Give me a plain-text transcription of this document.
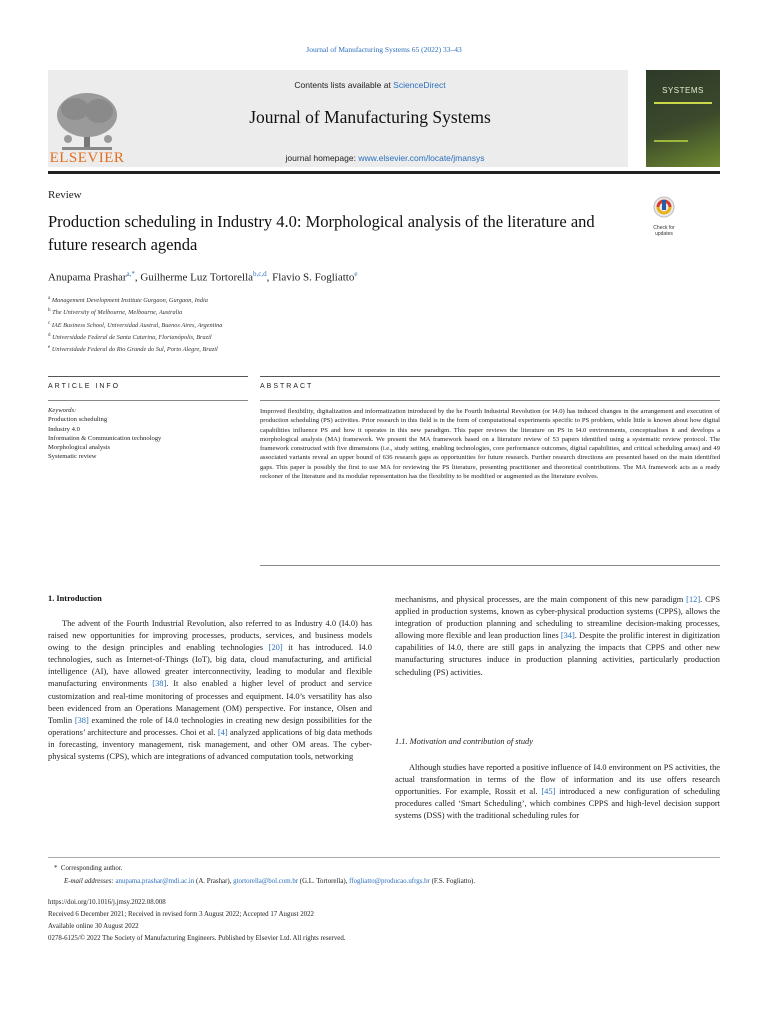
Journal of Manufacturing Systems 65 (2022) 33–43
ELSEVIER
Contents lists available at ScienceDirect
Journal of Manufacturing Systems
journal homepage: www.elsevier.com/locate/jmansys

SYSTEMS
Review
Production scheduling in Industry 4.0: Morphological analysis of the literature and future research agenda
Check for updates
Anupama Prashar$^{a,*}$, Guilherme Luz Tortorella$^{b,c,d}$, Flavio S. Fogliatto$^e$
$^a$ Management Development Institute Gurgaon, Gurgaon, India
$^b$ The University of Melbourne, Melbourne, Australia
$^c$ IAE Business School, Universidad Austral, Buenos Aires, Argentina
$^d$ Universidade Federal de Santa Catarina, Florianópolis, Brazil
$^e$ Universidade Federal do Rio Grande do Sul, Porto Alegre, Brazil
ARTICLE INFO	ABSTRACT
Keywords:
Production scheduling
Industry 4.0
Information & Communication technology
Morphological analysis
Systematic review
Improved flexibility, digitalization and informatization introduced by the he Fourth Industrial Revolution (or I4.0) has induced changes in the arrangement and execution of production scheduling (PS) activities. Prior research in this field is in the form of computational experiments specific to PS problem, while little is known about how digital capabilities influence PS and how it operates in this new paradigm. This paper reviews the literature on PS in I4.0 environments, conceptualises it and develops a morphological analysis (MA) framework. We present the MA framework based on a literature review of 53 papers identified using a systematic review protocol. The framework constructed with five dimensions (i.e., study setting, enabling technologies, core performance outcomes, digital capabilities, and critical scheduling areas) and 49 associated variants reveal an upper bound of 636 research gaps as opportunities for future research. Further research directions are presented based on the main identified gaps. This paper is possibly the first to use MA for reviewing the PS literature, presenting practitioner and theoretical contributions. The MA framework acts as a ready reckoner of the literature and its modular representation has the flexibility to be modified or augmented as the literature evolves.
1. Introduction

The advent of the Fourth Industrial Revolution, also referred to as Industry 4.0 (I4.0) has raised new opportunities for improving processes, products, services, and business models owing to the design principles and enabling technologies [20] it has introduced. I4.0 technologies, such as Internet-of-Things (IoT), big data, cloud manufacturing, and artificial intelligence (AI), have allowed greater interconnectivity, leading to modular and flexible manufacturing environments [38]. It also enabled a higher level of product and service customization and real-time monitoring of processes and equipment. I4.0’s versatility has also been evidenced from an Operations Management (OM) perspective. For instance, Olsen and Tomlin [38] examined the role of I4.0 technologies in creating new design possibilities for the operations’ architecture and processes. Choi et al. [4] analyzed applications of big data methods in forecasting, inventory management, risk management, and other OM areas. The cyber-physical systems (CPS), which are integrations of advanced computation tools, networking

mechanisms, and physical processes, are the main component of this new paradigm [12]. CPS applied in production systems, known as cyber-physical production systems (CPPS), allows the integration of production planning and scheduling to streamline decision-making processes, allowing more flexible and lean production lines [34]. Despite the prolific interest in digitization capabilities of I4.0, there are still gaps in analyzing the impacts that CPPS and other new manufacturing structures induce in production planning activities, particularly production scheduling (PS) activities.

1.1. Motivation and contribution of study

Although studies have reported a positive influence of I4.0 environment on PS activities, the actual transformation in terms of the flow of information and its use offers research opportunities. For example, Rossit et al. [45] introduced a new configuration of scheduling procedures called ‘Smart Scheduling’, which combines CPPS and high-level decision support systems (DSS) with the traditional scheduling rules for

*  Corresponding author.
E-mail addresses: anupama.prashar@mdi.ac.in (A. Prashar), gtortorella@bol.com.br (G.L. Tortorella), ffogliatto@producao.ufrgs.br (F.S. Fogliatto).
https://doi.org/10.1016/j.jmsy.2022.08.008
Received 6 December 2021; Received in revised form 3 August 2022; Accepted 17 August 2022
Available online 30 August 2022
0278-6125/© 2022 The Society of Manufacturing Engineers. Published by Elsevier Ltd. All rights reserved.
